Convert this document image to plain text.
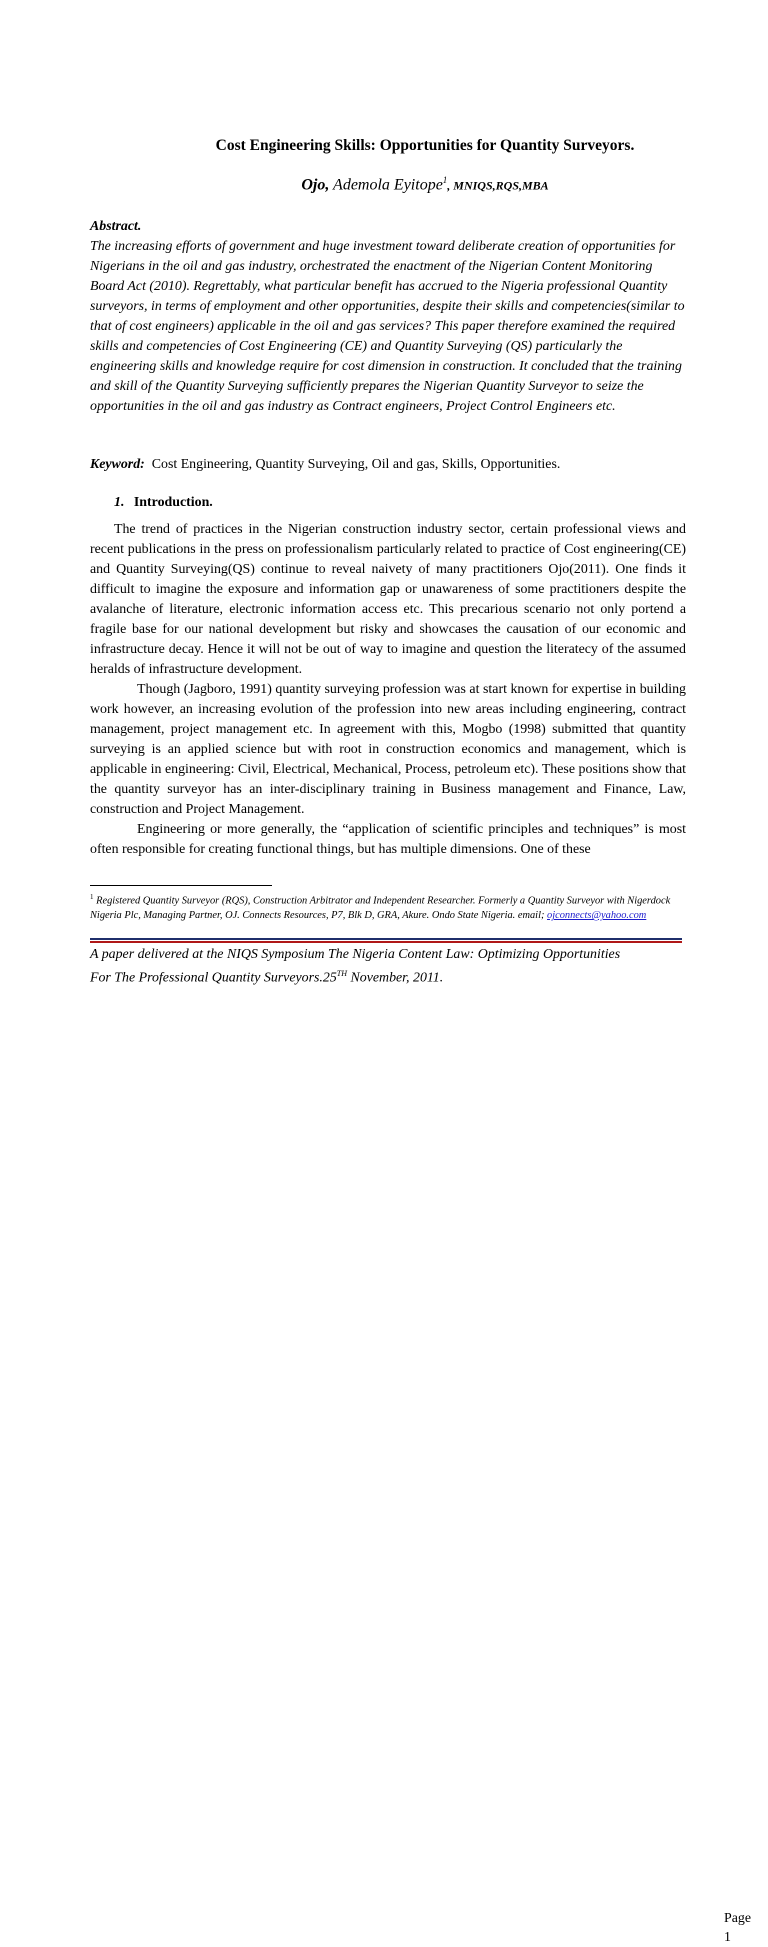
Cost Engineering Skills: Opportunities for Quantity Surveyors.
Ojo, Ademola Eyitope$^1$, MNIQS,RQS,MBA
Abstract.
The increasing efforts of government and huge investment toward deliberate creation of opportunities for Nigerians in the oil and gas industry, orchestrated the enactment of the Nigerian Content Monitoring Board Act (2010). Regrettably, what particular benefit has accrued to the Nigeria professional Quantity surveyors, in terms of employment and other opportunities, despite their skills and competencies(similar to that of cost engineers) applicable in the oil and gas services? This paper therefore examined the required skills and competencies of Cost Engineering (CE) and Quantity Surveying (QS) particularly the engineering skills and knowledge require for cost dimension in construction. It concluded that the training and skill of the Quantity Surveying sufficiently prepares the Nigerian Quantity Surveyor to seize the opportunities in the oil and gas industry as Contract engineers, Project Control Engineers etc.
Keyword: Cost Engineering, Quantity Surveying, Oil and gas, Skills, Opportunities.
1. Introduction.

The trend of practices in the Nigerian construction industry sector, certain professional views and recent publications in the press on professionalism particularly related to practice of Cost engineering(CE) and Quantity Surveying(QS) continue to reveal naivety of many practitioners Ojo(2011). One finds it difficult to imagine the exposure and information gap or unawareness of some practitioners despite the avalanche of literature, electronic information access etc. This precarious scenario not only portend a fragile base for our national development but risky and showcases the causation of our economic and infrastructure decay. Hence it will not be out of way to imagine and question the literatecy of the assumed heralds of infrastructure development.

Though (Jagboro, 1991) quantity surveying profession was at start known for expertise in building work however, an increasing evolution of the profession into new areas including engineering, contract management, project management etc. In agreement with this, Mogbo (1998) submitted that quantity surveying is an applied science but with root in construction economics and management, which is applicable in engineering: Civil, Electrical, Mechanical, Process, petroleum etc). These positions show that the quantity surveyor has an inter-disciplinary training in Business management and Finance, Law, construction and Project Management.

Engineering or more generally, the “application of scientific principles and techniques” is most often responsible for creating functional things, but has multiple dimensions. One of these

$^1$ Registered Quantity Surveyor (RQS), Construction Arbitrator and Independent Researcher. Formerly a Quantity Surveyor with Nigerdock Nigeria Plc, Managing Partner, OJ. Connects Resources, P7, Blk D, GRA, Akure. Ondo State Nigeria. email; ojconnects@yahoo.com
A paper delivered at the NIQS Symposium The Nigeria Content Law: Optimizing Opportunities
For The Professional Quantity Surveyors.25TH November, 2011.
Page 1
